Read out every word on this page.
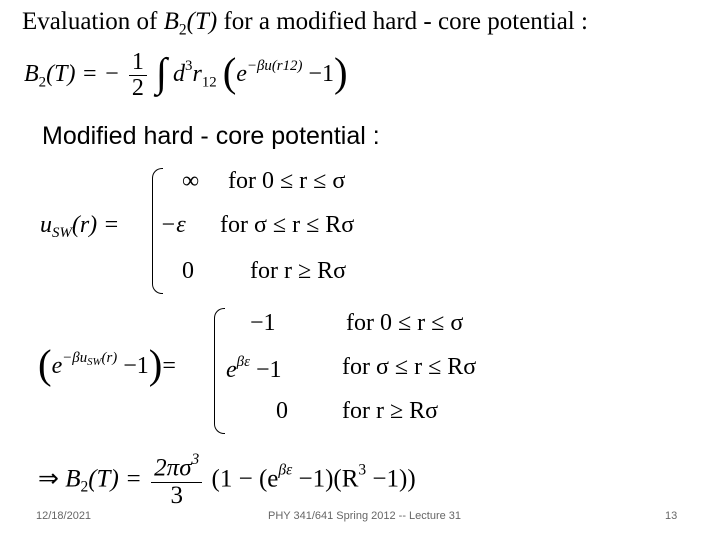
Evaluation of $B_2(T)$ for a modified hard - core potential :
$B_2(T)$ = − $\frac{1}{2}$ ∫ $d^3r_{12}$ $(e^{-\beta u(r12)} -1)$
Modified hard - core potential :
$u_{SW}(r)$ =
∞ for 0 ≤ r ≤ σ
−ε for σ ≤ r ≤ Rσ
0 for r ≥ Rσ
$(e^{-\beta uSW(r)} -1)=$
−1	for 0 ≤ r ≤ σ
$e^{\beta\varepsilon} -1$	for σ ≤ r ≤ Rσ
0 for r ≥ Rσ
⇒ $B_2(T) = \frac{2\pi\sigma^3}{3} (1 - (e^{\beta\varepsilon} -1)(R^3 -1))$
12/18/2021	PHY 341/641 Spring 2012 -- Lecture 31	13
